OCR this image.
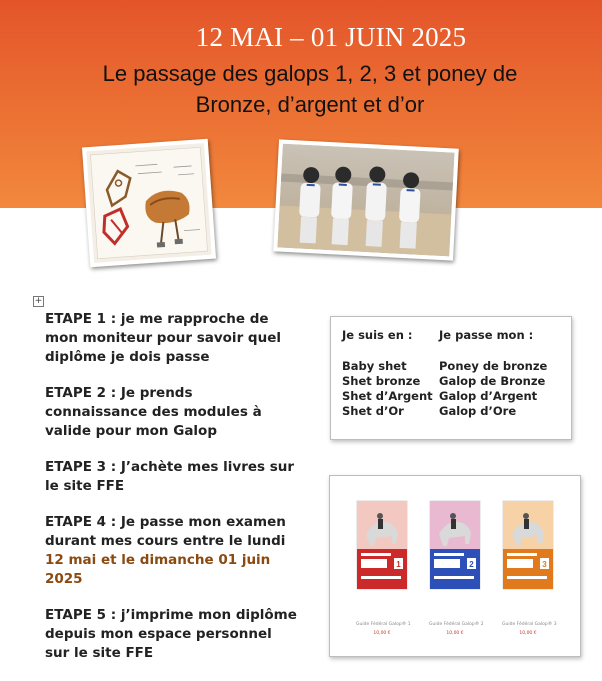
12 MAI – 01 JUIN 2025
Le passage des galops 1, 2, 3 et poney de
Bronze, d’argent et d’or
+
ETAPE 1 : je me rapproche de mon moniteur pour savoir quel diplôme je dois passe
ETAPE 2 : Je prends connaissance des modules à valide pour mon Galop
ETAPE 3 : J’achète mes livres sur le site FFE
ETAPE 4 : Je passe mon examen durant mes cours entre le lundi 12 mai et le dimanche 01 juin 2025
ETAPE 5 : j’imprime mon diplôme depuis mon espace personnel sur le site FFE
Je suis en :
Baby shet
Shet bronze
Shet d’Argent
Shet d’Or
Je passe mon :
Poney de bronze
Galop de Bronze
Galop d’Argent
Galop d’Ore
1
Guide Fédéral Galop® 1
10,00 €
2
Guide Fédéral Galop® 2
10,00 €
3
Guide Fédéral Galop® 3
10,00 €
